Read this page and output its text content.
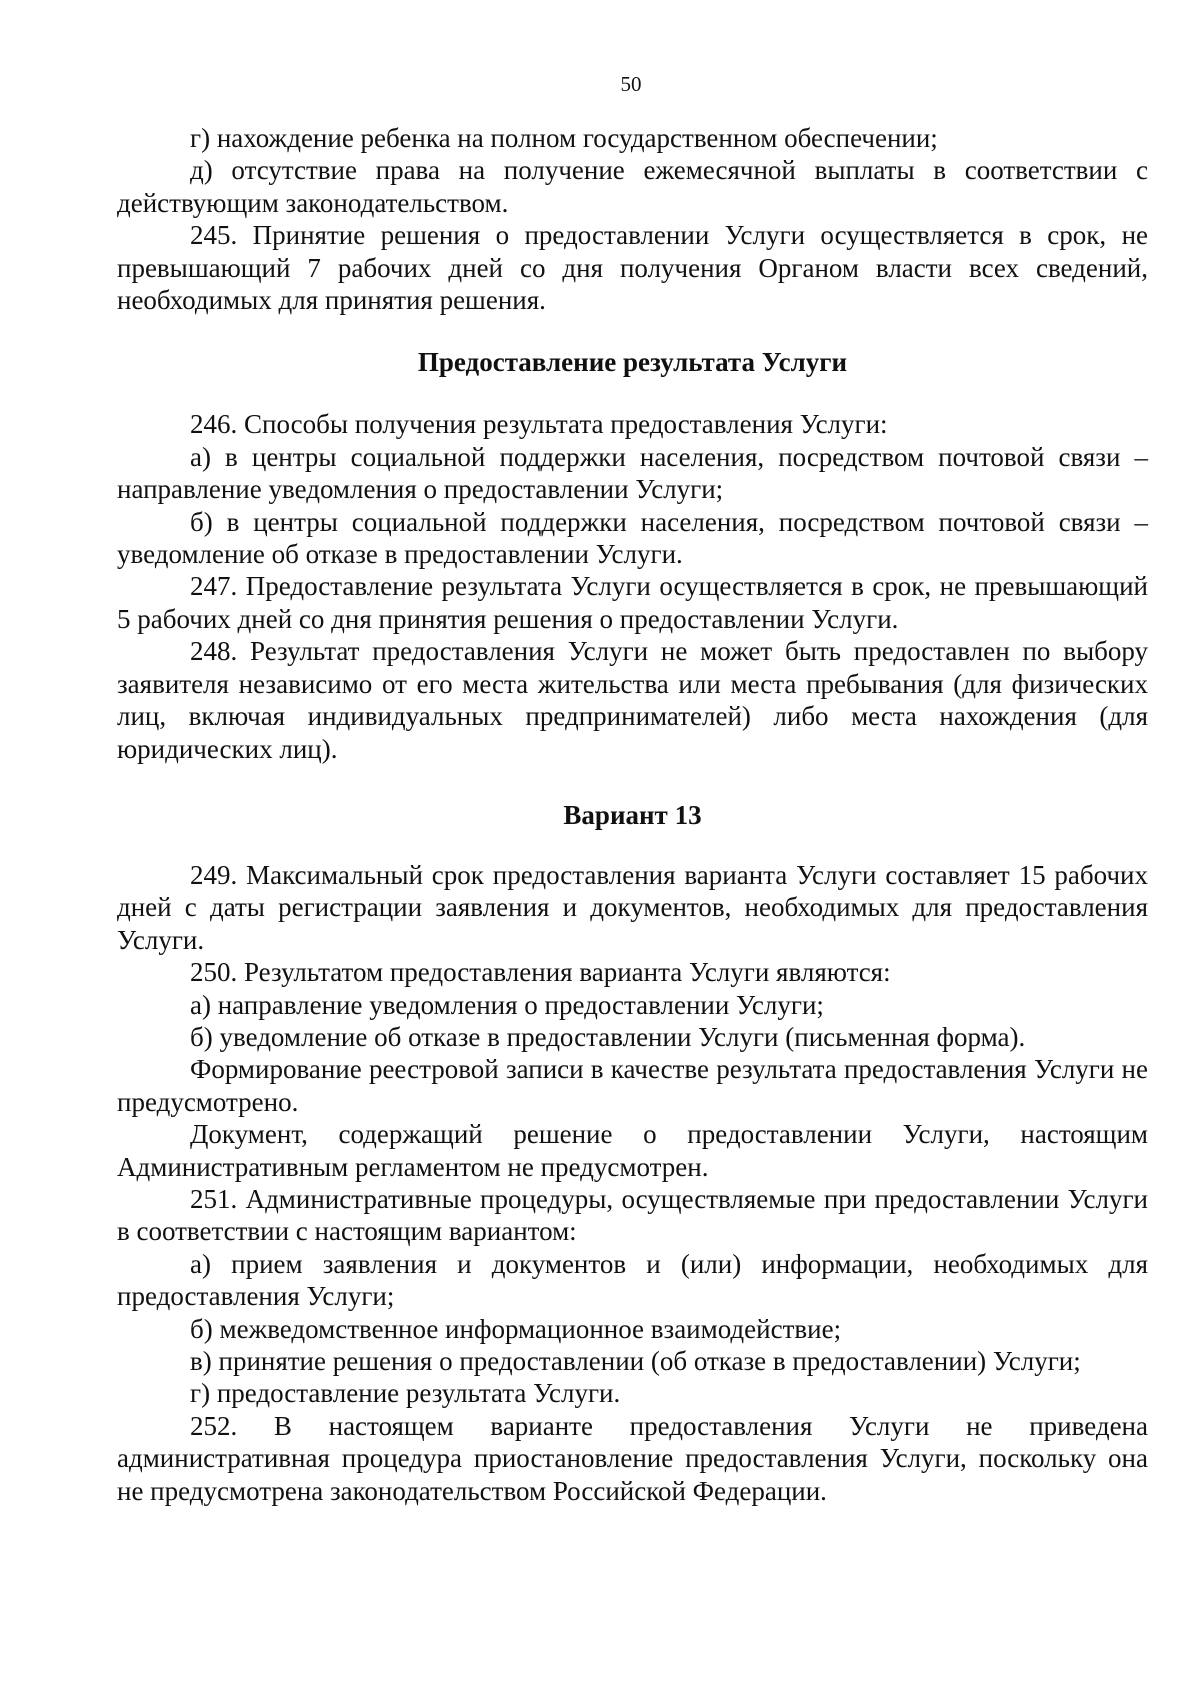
50

г) нахождение ребенка на полном государственном обеспечении;

д) отсутствие права на получение ежемесячной выплаты в соответствии с действующим законодательством.

245. Принятие решения о предоставлении Услуги осуществляется в срок, не превышающий 7 рабочих дней со дня получения Органом власти всех сведений, необходимых для принятия решения.

Предоставление результата Услуги

246. Способы получения результата предоставления Услуги:

а) в центры социальной поддержки населения, посредством почтовой связи – направление уведомления о предоставлении Услуги;

б) в центры социальной поддержки населения, посредством почтовой связи – уведомление об отказе в предоставлении Услуги.

247. Предоставление результата Услуги осуществляется в срок, не превышающий 5 рабочих дней со дня принятия решения о предоставлении Услуги.

248. Результат предоставления Услуги не может быть предоставлен по выбору заявителя независимо от его места жительства или места пребывания (для физических лиц, включая индивидуальных предпринимателей) либо места нахождения (для юридических лиц).

Вариант 13

249. Максимальный срок предоставления варианта Услуги составляет 15 рабочих дней с даты регистрации заявления и документов, необходимых для предоставления Услуги.

250. Результатом предоставления варианта Услуги являются:

а) направление уведомления о предоставлении Услуги;

б) уведомление об отказе в предоставлении Услуги (письменная форма).

Формирование реестровой записи в качестве результата предоставления Услуги не предусмотрено.

Документ, содержащий решение о предоставлении Услуги, настоящим Административным регламентом не предусмотрен.

251. Административные процедуры, осуществляемые при предоставлении Услуги в соответствии с настоящим вариантом:

а) прием заявления и документов и (или) информации, необходимых для предоставления Услуги;

б) межведомственное информационное взаимодействие;

в) принятие решения о предоставлении (об отказе в предоставлении) Услуги;

г) предоставление результата Услуги.

252. В настоящем варианте предоставления Услуги не приведена административная процедура приостановление предоставления Услуги, поскольку она не предусмотрена законодательством Российской Федерации.
